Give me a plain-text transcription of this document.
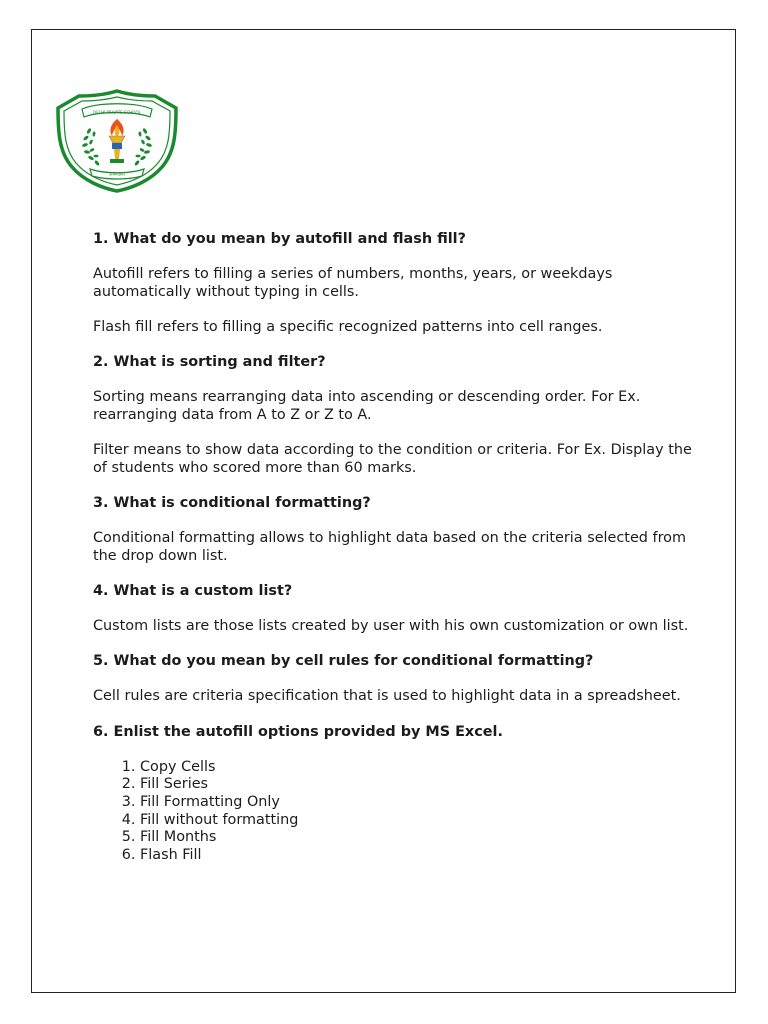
DELHI PRIVATE SCHOOL
SHARJAH

1. What do you mean by autofill and flash fill?

Autofill refers to filling a series of numbers, months, years, or weekdays automatically without typing in cells.

Flash fill refers to filling a specific recognized patterns into cell ranges.

2. What is sorting and filter?

Sorting means rearranging data into ascending or descending order. For Ex. rearranging data from A to Z or Z to A.

Filter means to show data according to the condition or criteria. For Ex. Display the of students who scored more than 60 marks.

3. What is conditional formatting?

Conditional formatting allows to highlight data based on the criteria selected from the drop down list.

4. What is a custom list?

Custom lists are those lists created by user with his own customization or own list.

5. What do you mean by cell rules for conditional formatting?

Cell rules are criteria specification that is used to highlight data in a spreadsheet.

6. Enlist the autofill options provided by MS Excel.

1. Copy Cells
2. Fill Series
3. Fill Formatting Only
4. Fill without formatting
5. Fill Months
6. Flash Fill
